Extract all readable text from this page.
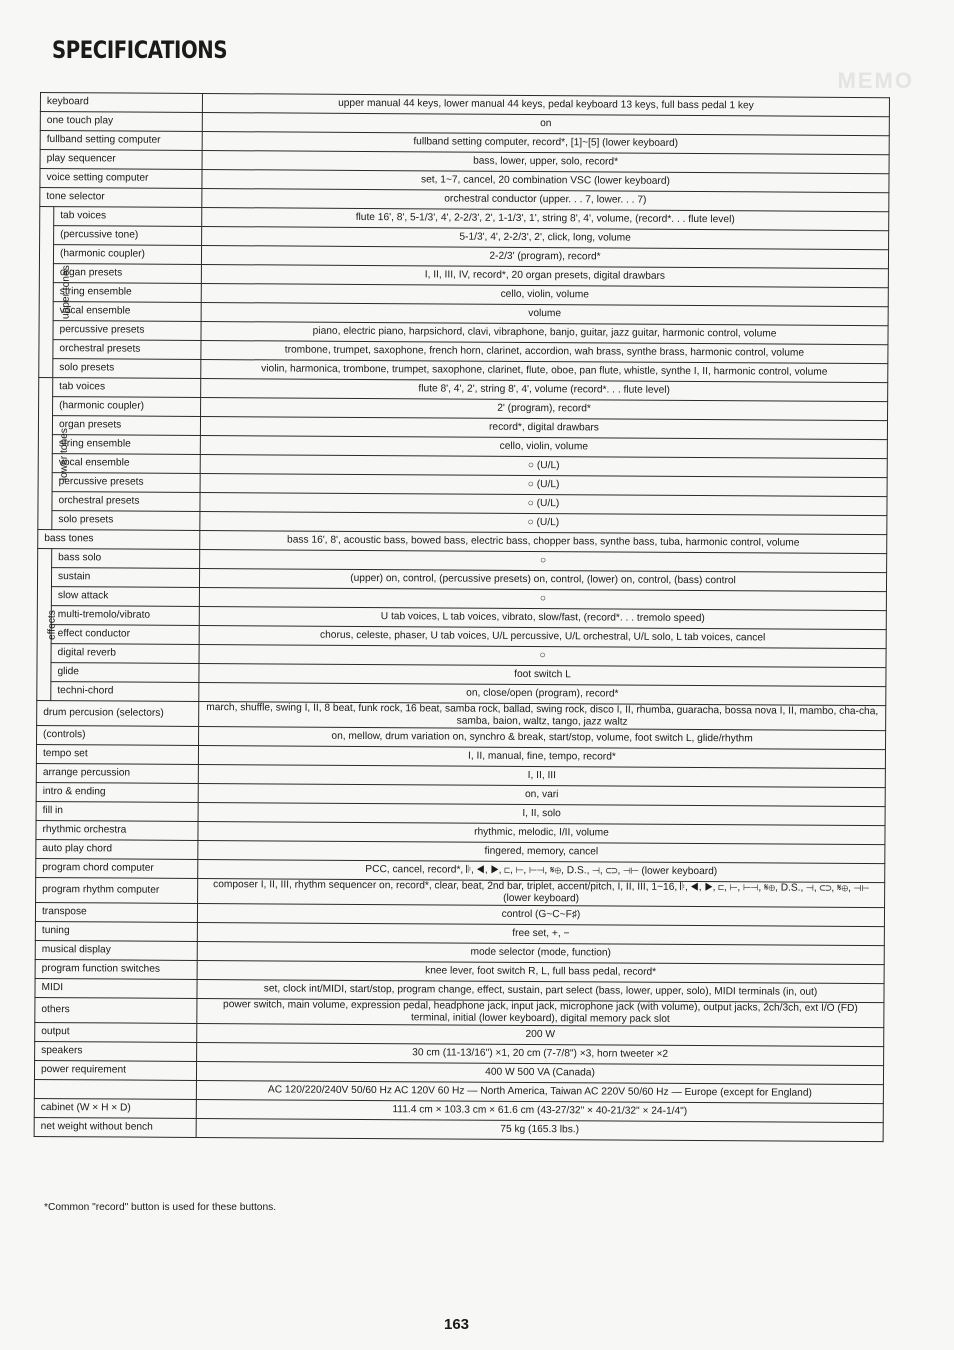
MEMO
SPECIFICATIONS
keyboard		upper manual 44 keys, lower manual 44 keys, pedal keyboard 13 keys, full bass pedal 1 key
one touch play		on
fullband setting computer		fullband setting computer, record*, [1]~[5] (lower keyboard)
play sequencer		bass, lower, upper, solo, record*
voice setting computer		set, 1~7, cancel, 20 combination VSC (lower keyboard)
tone selector		orchestral conductor (upper. . . 7, lower. . . 7)
upper tones	tab voices	flute 16', 8', 5-1/3', 4', 2-2/3', 2', 1-1/3', 1', string 8', 4', volume, (record*. . . flute level)
	(percussive tone)	5-1/3', 4', 2-2/3', 2', click, long, volume
	(harmonic coupler)	2-2/3' (program), record*
	organ presets	I, II, III, IV, record*, 20 organ presets, digital drawbars
	string ensemble	cello, violin, volume
	vocal ensemble	volume
	percussive presets	piano, electric piano, harpsichord, clavi, vibraphone, banjo, guitar, jazz guitar, harmonic control, volume
	orchestral presets	trombone, trumpet, saxophone, french horn, clarinet, accordion, wah brass, synthe brass, harmonic control, volume
	solo presets	violin, harmonica, trombone, trumpet, saxophone, clarinet, flute, oboe, pan flute, whistle, synthe I, II, harmonic control, volume
lower tones	tab voices	flute 8', 4', 2', string 8', 4', volume (record*. . . flute level)
	(harmonic coupler)	2' (program), record*
	organ presets	record*, digital drawbars
	string ensemble	cello, violin, volume
	vocal ensemble	○ (U/L)
	percussive presets	○ (U/L)
	orchestral presets	○ (U/L)
	solo presets	○ (U/L)
bass tones		bass 16', 8', acoustic bass, bowed bass, electric bass, chopper bass, synthe bass, tuba, harmonic control, volume
effects	bass solo	○
	sustain	(upper) on, control, (percussive presets) on, control, (lower) on, control, (bass) control
	slow attack	○
	multi-tremolo/vibrato	U tab voices, L tab voices, vibrato, slow/fast, (record*. . . tremolo speed)
	effect conductor	chorus, celeste, phaser, U tab voices, U/L percussive, U/L orchestral, U/L solo, L tab voices, cancel
	digital reverb	○
	glide	foot switch L
	techni-chord	on, close/open (program), record*
drum percusion (selectors)		march, shuffle, swing I, II, 8 beat, funk rock, 16 beat, samba rock, ballad, swing rock, disco I, II, rhumba, guaracha, bossa nova I, II, mambo, cha-cha, samba, baion, waltz, tango, jazz waltz
(controls)		on, mellow, drum variation on, synchro & break, start/stop, volume, foot switch L, glide/rhythm
tempo set		I, II, manual, fine, tempo, record*
arrange percussion		I, II, III
intro & ending		on, vari
fill in		I, II, solo
rhythmic orchestra		rhythmic, melodic, I/II, volume
auto play chord		fingered, memory, cancel
program chord computer		PCC, cancel, record*, 𝄆, ◀, ▶, ⊏, ⊢, ⊢⊣, 𝄋⊕, D.S., ⊣, ⊂⊃, ⊣⊢ (lower keyboard)
program rhythm computer		composer I, II, III, rhythm sequencer on, record*, clear, beat, 2nd bar, triplet, accent/pitch, I, II, III, 1~16, 𝄆, ◀, ▶, ⊏, ⊢, ⊢⊣, 𝄋⊕, D.S., ⊣, ⊂⊃, 𝄋⊕, ⊣⊢ (lower keyboard)
transpose		control (G~C~F♯)
tuning		free set, +, −
musical display		mode selector (mode, function)
program function switches		knee lever, foot switch R, L, full bass pedal, record*
MIDI		set, clock int/MIDI, start/stop, program change, effect, sustain, part select (bass, lower, upper, solo), MIDI terminals (in, out)
others		power switch, main volume, expression pedal, headphone jack, input jack, microphone jack (with volume), output jacks, 2ch/3ch, ext I/O (FD) terminal, initial (lower keyboard), digital memory pack slot
output		200 W
speakers		30 cm (11-13/16") ×1, 20 cm (7-7/8") ×3, horn tweeter ×2
power requirement		400 W 500 VA (Canada)
		AC 120/220/240V 50/60 Hz AC 120V 60 Hz — North America, Taiwan AC 220V 50/60 Hz — Europe (except for England)
cabinet (W × H × D)		111.4 cm × 103.3 cm × 61.6 cm (43-27/32" × 40-21/32" × 24-1/4")
net weight without bench		75 kg (165.3 lbs.)
*Common "record" button is used for these buttons.
163
